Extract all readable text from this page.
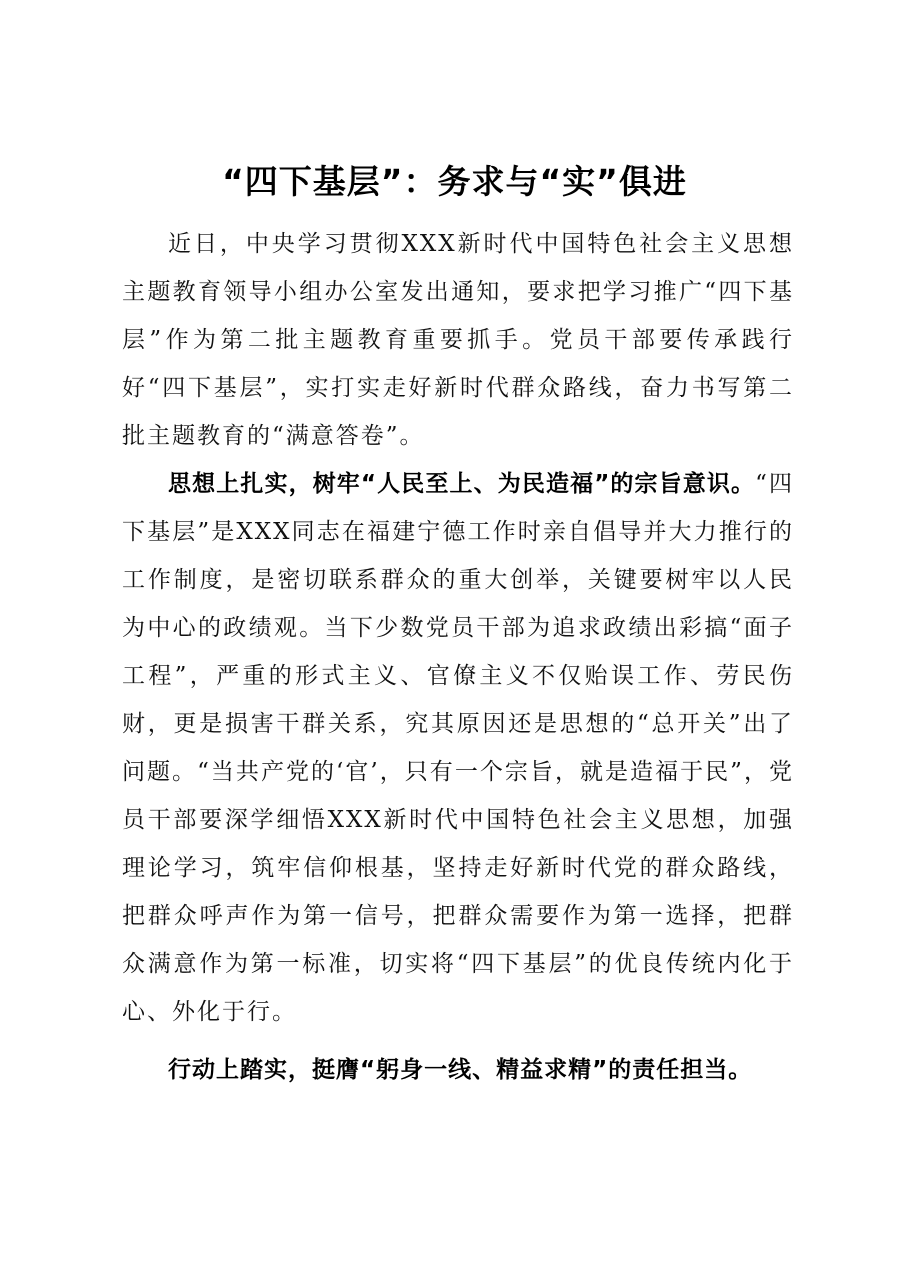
“四下基层”：务求与“实”俱进

近日，中央学习贯彻XXX新时代中国特色社会主义思想主题教育领导小组办公室发出通知，要求把学习推广“四下基层”作为第二批主题教育重要抓手。党员干部要传承践行好“四下基层”，实打实走好新时代群众路线，奋力书写第二批主题教育的“满意答卷”。

思想上扎实，树牢“人民至上、为民造福”的宗旨意识。“四下基层”是XXX同志在福建宁德工作时亲自倡导并大力推行的工作制度，是密切联系群众的重大创举，关键要树牢以人民为中心的政绩观。当下少数党员干部为追求政绩出彩搞“面子工程”，严重的形式主义、官僚主义不仅贻误工作、劳民伤财，更是损害干群关系，究其原因还是思想的“总开关”出了问题。“当共产党的‘官’，只有一个宗旨，就是造福于民”，党员干部要深学细悟XXX新时代中国特色社会主义思想，加强理论学习，筑牢信仰根基，坚持走好新时代党的群众路线，把群众呼声作为第一信号，把群众需要作为第一选择，把群众满意作为第一标准，切实将“四下基层”的优良传统内化于心、外化于行。

行动上踏实，挺膺“躬身一线、精益求精”的责任担当。
